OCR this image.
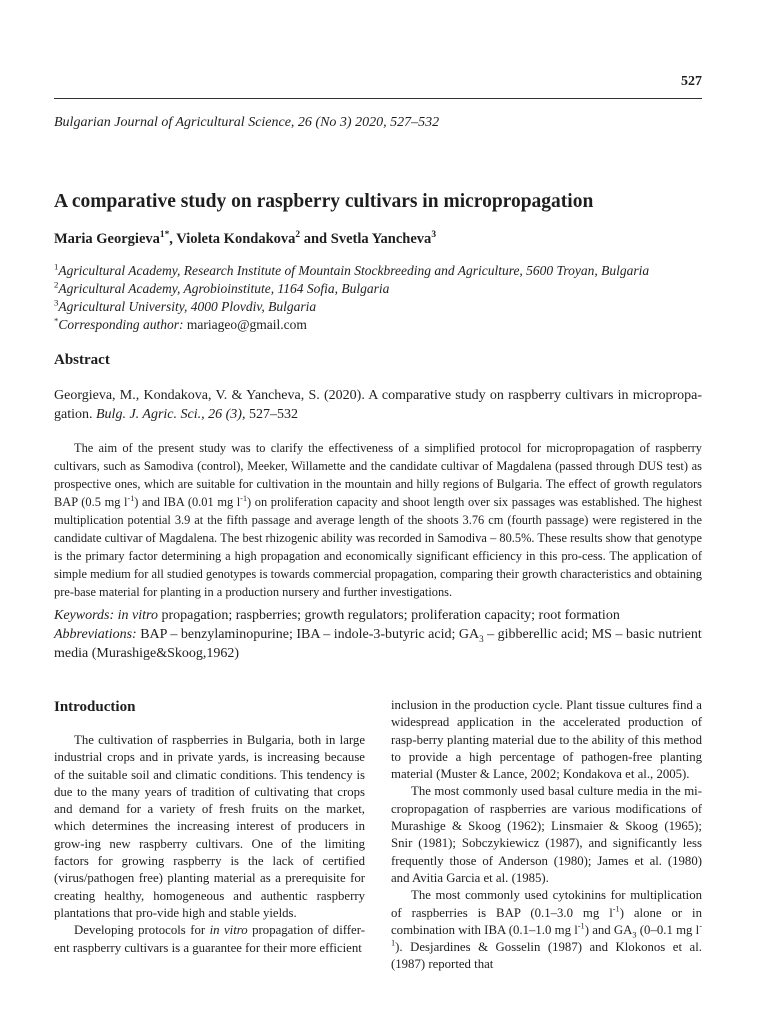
527
Bulgarian Journal of Agricultural Science, 26 (No 3) 2020, 527–532
A comparative study on raspberry cultivars in micropropagation
Maria Georgieva$^{1*}$, Violeta Kondakova$^2$ and Svetla Yancheva$^3$
$^1$Agricultural Academy, Research Institute of Mountain Stockbreeding and Agriculture, 5600 Troyan, Bulgaria
$^2$Agricultural Academy, Agrobioinstitute, 1164 Sofia, Bulgaria
$^3$Agricultural University, 4000 Plovdiv, Bulgaria
*Corresponding author: mariageo@gmail.com
Abstract
Georgieva, M., Kondakova, V. & Yancheva, S. (2020). A comparative study on raspberry cultivars in micropropa-gation. Bulg. J. Agric. Sci., 26 (3), 527–532
The aim of the present study was to clarify the effectiveness of a simplified protocol for micropropagation of raspberry cultivars, such as Samodiva (control), Meeker, Willamette and the candidate cultivar of Magdalena (passed through DUS test) as prospective ones, which are suitable for cultivation in the mountain and hilly regions of Bulgaria. The effect of growth regulators BAP (0.5 mg $l^{-1}$) and IBA (0.01 mg $l^{-1}$) on proliferation capacity and shoot length over six passages was established. The highest multiplication potential 3.9 at the fifth passage and average length of the shoots 3.76 cm (fourth passage) were registered in the candidate cultivar of Magdalena. The best rhizogenic ability was recorded in Samodiva – 80.5%. These results show that genotype is the primary factor determining a high propagation and economically significant efficiency in this pro-cess. The application of simple medium for all studied genotypes is towards commercial propagation, comparing their growth characteristics and obtaining pre-base material for planting in a production nursery and further investigations.
Keywords: in vitro propagation; raspberries; growth regulators; proliferation capacity; root formation
Abbreviations: BAP – benzylaminopurine; IBA – indole-3-butyric acid; $GA_3$ – gibberellic acid; MS – basic nutrient media (Murashige&Skoog,1962)
Introduction

The cultivation of raspberries in Bulgaria, both in large industrial crops and in private yards, is increasing because of the suitable soil and climatic conditions. This tendency is due to the many years of tradition of cultivating that crops and demand for a variety of fresh fruits on the market, which determines the increasing interest of producers in grow-ing new raspberry cultivars. One of the limiting factors for growing raspberry is the lack of certified (virus/pathogen free) planting material as a prerequisite for creating healthy, homogeneous and authentic raspberry plantations that pro-vide high and stable yields.

Developing protocols for in vitro propagation of differ-ent raspberry cultivars is a guarantee for their more efficient

inclusion in the production cycle. Plant tissue cultures find a widespread application in the accelerated production of rasp-berry planting material due to the ability of this method to provide a high percentage of pathogen-free planting material (Muster & Lance, 2002; Kondakova et al., 2005).

The most commonly used basal culture media in the mi-cropropagation of raspberries are various modifications of Murashige & Skoog (1962); Linsmaier & Skoog (1965); Snir (1981); Sobczykiewicz (1987), and significantly less frequently those of Anderson (1980); James et al. (1980) and Avitia Garcia et al. (1985).

The most commonly used cytokinins for multiplication of raspberries is BAP (0.1–3.0 mg $l^{-1}$) alone or in combination with IBA (0.1–1.0 mg $l^{-1}$) and $GA_3$ (0–0.1 mg $l^{-1}$). Desjardines & Gosselin (1987) and Klokonos et al. (1987) reported that
